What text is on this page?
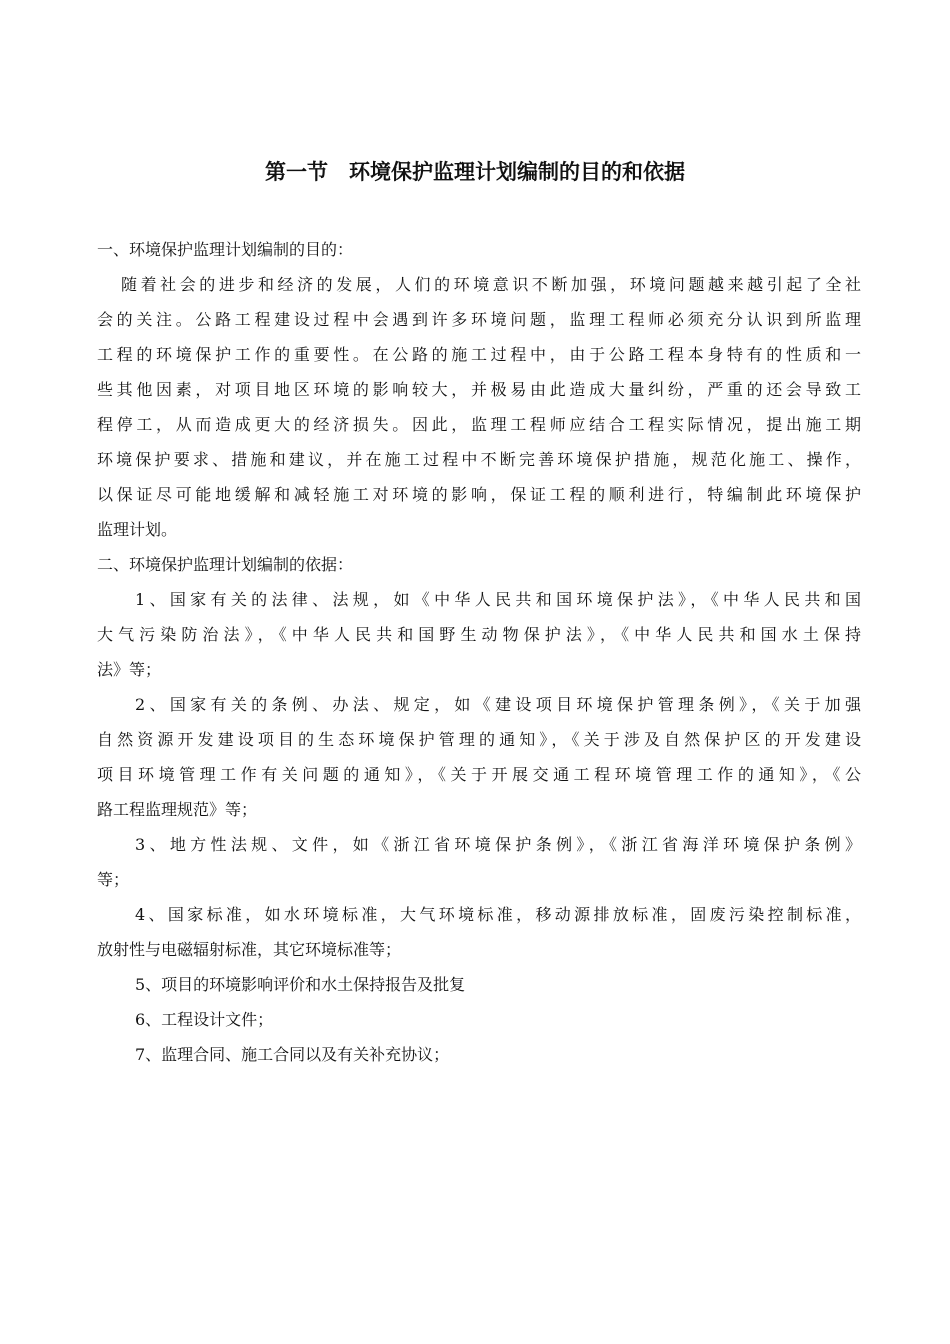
第一节　环境保护监理计划编制的目的和依据
一、环境保护监理计划编制的目的：
随着社会的进步和经济的发展，人们的环境意识不断加强，环境问题越来越引起了全社
会的关注。公路工程建设过程中会遇到许多环境问题，监理工程师必须充分认识到所监理
工程的环境保护工作的重要性。在公路的施工过程中，由于公路工程本身特有的性质和一
些其他因素，对项目地区环境的影响较大，并极易由此造成大量纠纷，严重的还会导致工
程停工，从而造成更大的经济损失。因此，监理工程师应结合工程实际情况，提出施工期
环境保护要求、措施和建议，并在施工过程中不断完善环境保护措施，规范化施工、操作，
以保证尽可能地缓解和减轻施工对环境的影响，保证工程的顺利进行，特编制此环境保护
监理计划。
二、环境保护监理计划编制的依据：
1、国家有关的法律、法规，如《中华人民共和国环境保护法》，《中华人民共和国
大气污染防治法》，《中华人民共和国野生动物保护法》，《中华人民共和国水土保持
法》等；
2、国家有关的条例、办法、规定，如《建设项目环境保护管理条例》，《关于加强
自然资源开发建设项目的生态环境保护管理的通知》，《关于涉及自然保护区的开发建设
项目环境管理工作有关问题的通知》，《关于开展交通工程环境管理工作的通知》，《公
路工程监理规范》等；
3、地方性法规、文件，如《浙江省环境保护条例》，《浙江省海洋环境保护条例》
等；
4、国家标准，如水环境标准，大气环境标准，移动源排放标准，固废污染控制标准，
放射性与电磁辐射标准，其它环境标准等；
5、项目的环境影响评价和水土保持报告及批复
6、工程设计文件；
7、监理合同、施工合同以及有关补充协议；
